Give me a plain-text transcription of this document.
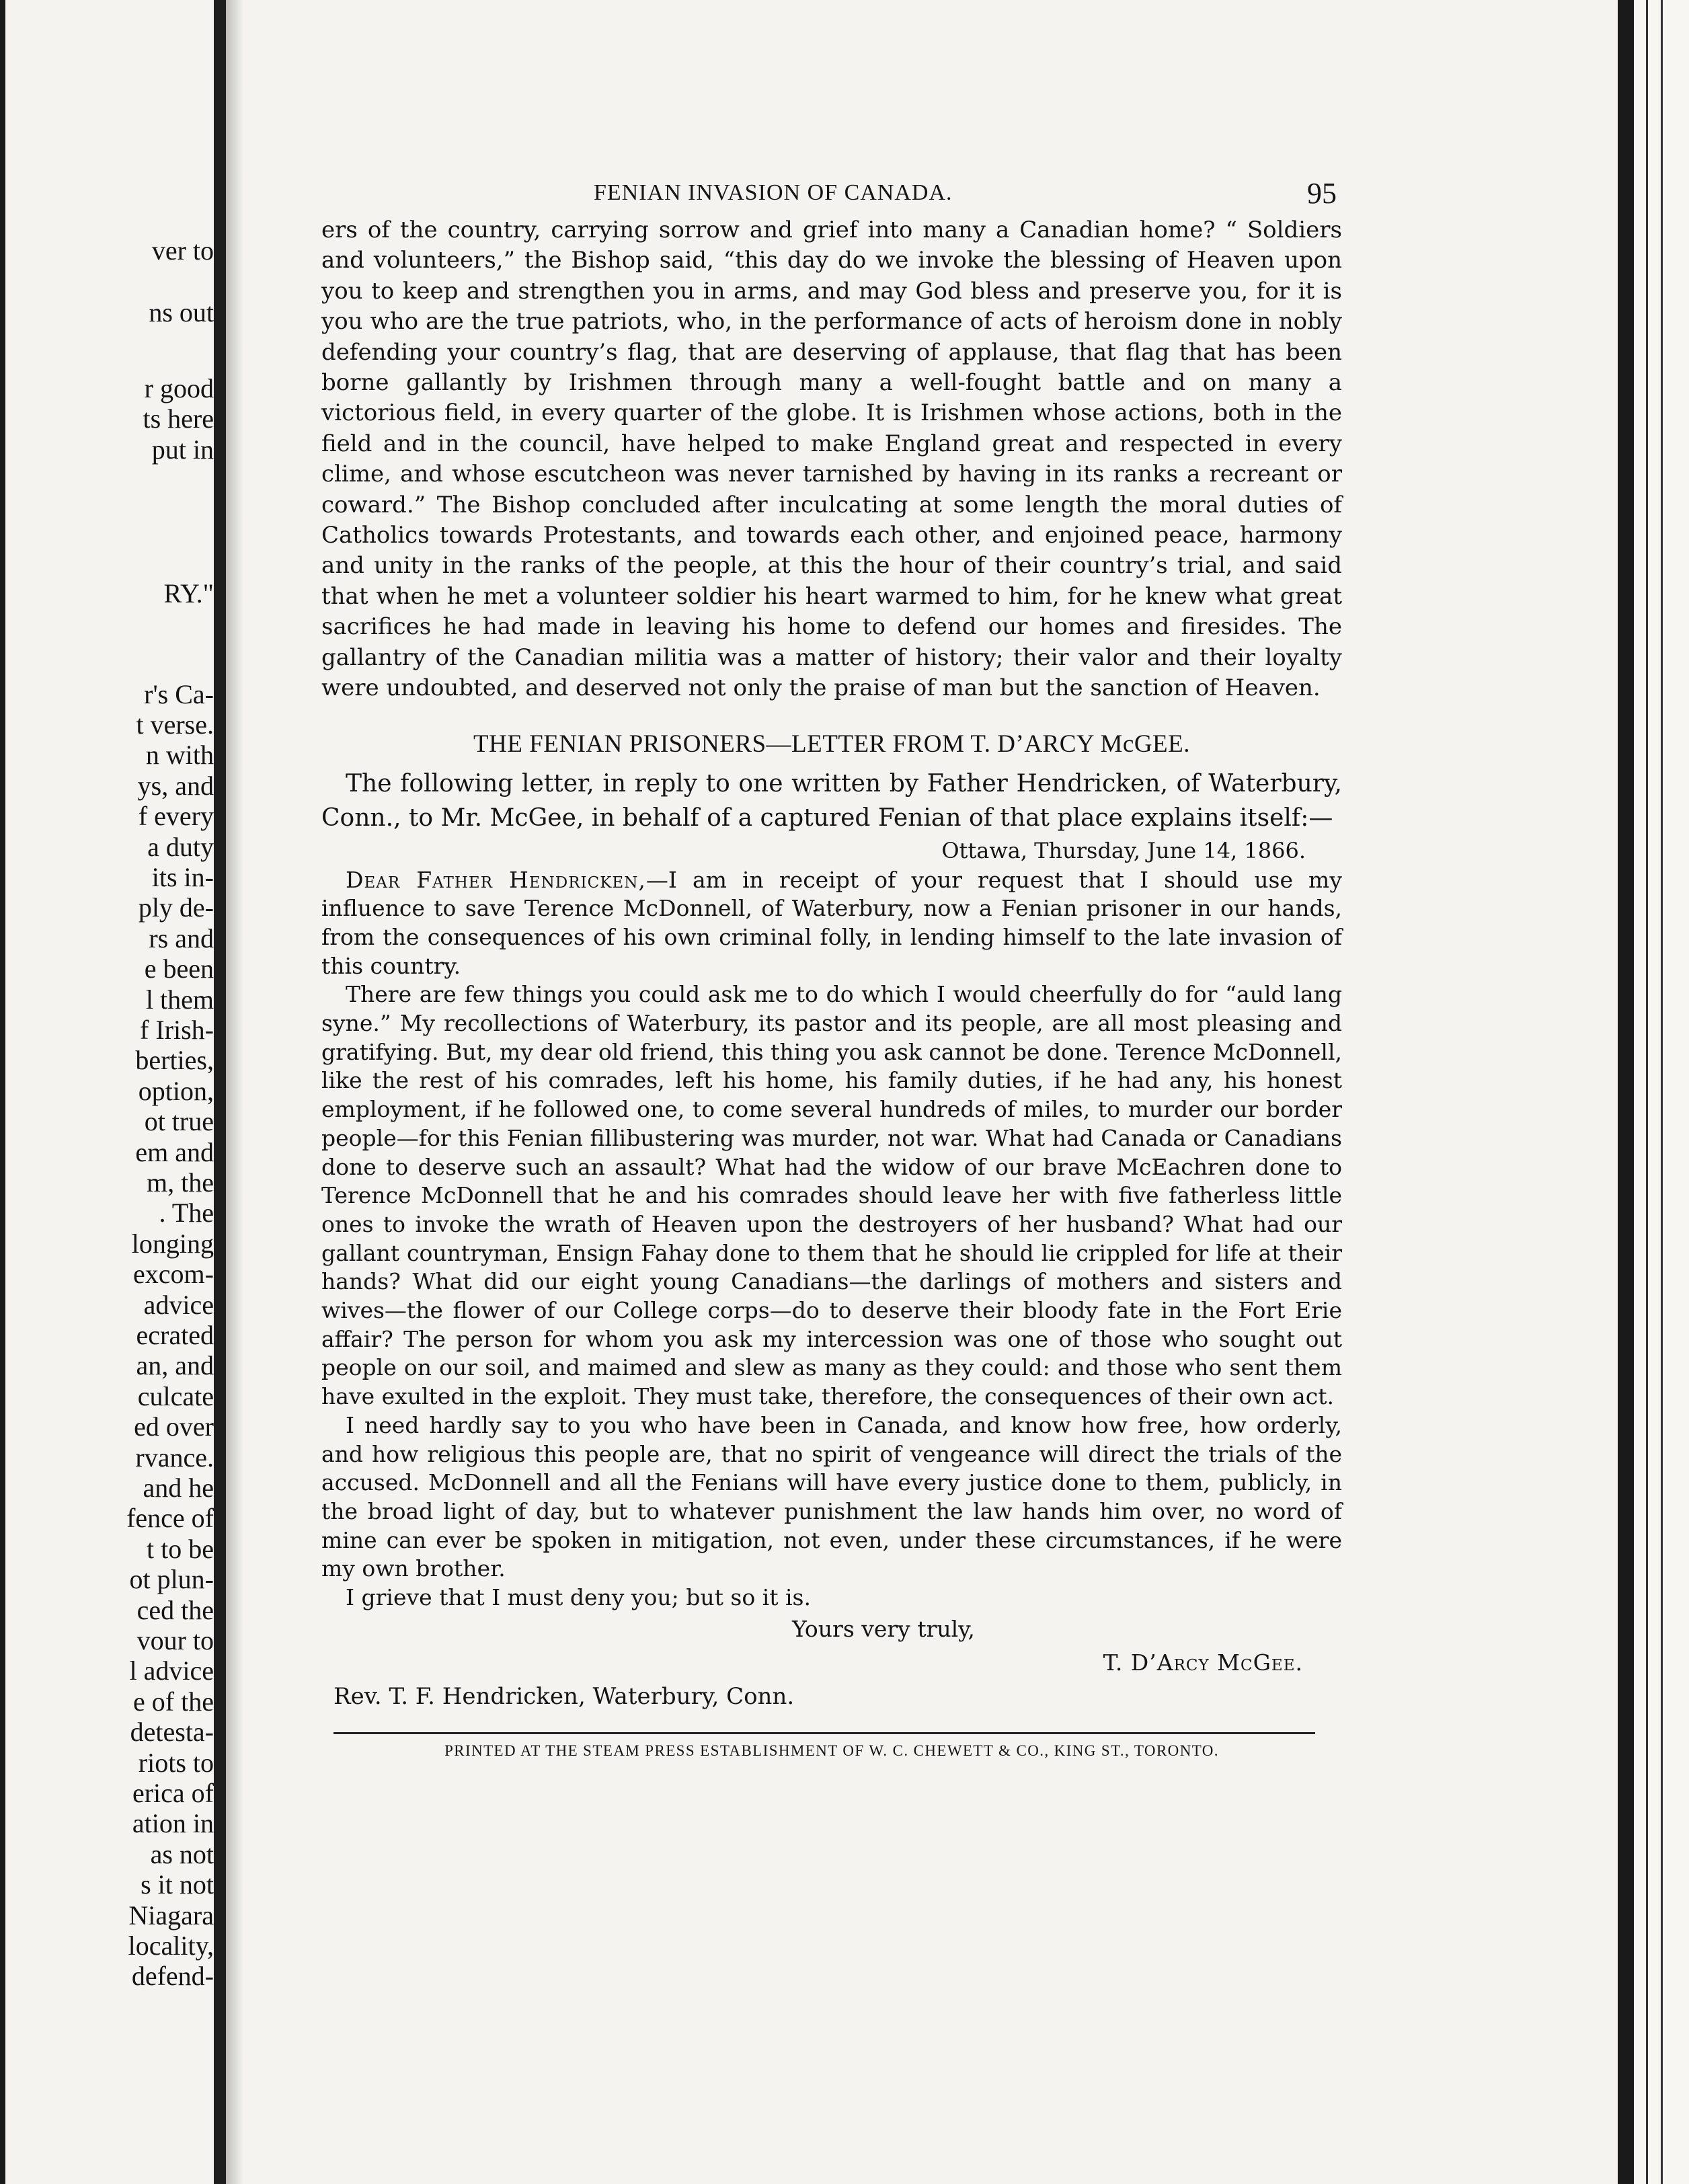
ver to
ns out
r good
ts here
put in
RY."
r's Ca-
t verse.
n with
ys, and
f every
a duty
its in-
ply de-
rs and
e been
l them
f Irish-
berties,
option,
ot true
em and
m, the
. The
longing
excom-
advice
ecrated
an, and
culcate
ed over
rvance.
and he
fence of
t to be
ot plun-
ced the
vour to
l advice
e of the
detesta-
riots to
erica of
ation in
as not
s it not
Niagara
locality,
defend-
FENIAN INVASION OF CANADA.	95

ers of the country, carrying sorrow and grief into many a Canadian home? “ Soldiers and volunteers,” the Bishop said, “this day do we invoke the blessing of Heaven upon you to keep and strengthen you in arms, and may God bless and preserve you, for it is you who are the true patriots, who, in the performance of acts of heroism done in nobly defending your country’s flag, that are deserving of applause, that flag that has been borne gallantly by Irishmen through many a well-fought battle and on many a victorious field, in every quarter of the globe. It is Irishmen whose actions, both in the field and in the council, have helped to make England great and respected in every clime, and whose escutcheon was never tarnished by having in its ranks a recreant or coward.” The Bishop concluded after inculcating at some length the moral duties of Catholics towards Protestants, and towards each other, and enjoined peace, harmony and unity in the ranks of the people, at this the hour of their country’s trial, and said that when he met a volunteer soldier his heart warmed to him, for he knew what great sacrifices he had made in leaving his home to defend our homes and firesides. The gallantry of the Canadian militia was a matter of history; their valor and their loyalty were undoubted, and deserved not only the praise of man but the sanction of Heaven.

THE FENIAN PRISONERS—LETTER FROM T. D’ARCY McGEE.

The following letter, in reply to one written by Father Hendricken, of Waterbury, Conn., to Mr. McGee, in behalf of a captured Fenian of that place explains itself:—

Ottawa, Thursday, June 14, 1866.

Dear Father Hendricken,—I am in receipt of your request that I should use my influence to save Terence McDonnell, of Waterbury, now a Fenian prisoner in our hands, from the consequences of his own criminal folly, in lending himself to the late invasion of this country.

There are few things you could ask me to do which I would cheerfully do for “auld lang syne.” My recollections of Waterbury, its pastor and its people, are all most pleasing and gratifying. But, my dear old friend, this thing you ask cannot be done. Terence McDonnell, like the rest of his comrades, left his home, his family duties, if he had any, his honest employment, if he followed one, to come several hundreds of miles, to murder our border people—for this Fenian fillibustering was murder, not war. What had Canada or Canadians done to deserve such an assault? What had the widow of our brave McEachren done to Terence McDonnell that he and his comrades should leave her with five fatherless little ones to invoke the wrath of Heaven upon the destroyers of her husband? What had our gallant countryman, Ensign Fahay done to them that he should lie crippled for life at their hands? What did our eight young Canadians—the darlings of mothers and sisters and wives—the flower of our College corps—do to deserve their bloody fate in the Fort Erie affair? The person for whom you ask my intercession was one of those who sought out people on our soil, and maimed and slew as many as they could: and those who sent them have exulted in the exploit. They must take, therefore, the consequences of their own act.

I need hardly say to you who have been in Canada, and know how free, how orderly, and how religious this people are, that no spirit of vengeance will direct the trials of the accused. McDonnell and all the Fenians will have every justice done to them, publicly, in the broad light of day, but to whatever punishment the law hands him over, no word of mine can ever be spoken in mitigation, not even, under these circumstances, if he were my own brother.

I grieve that I must deny you; but so it is.

Yours very truly,

T. D’Arcy McGee.

Rev. T. F. Hendricken, Waterbury, Conn.

PRINTED AT THE STEAM PRESS ESTABLISHMENT OF W. C. CHEWETT & CO., KING ST., TORONTO.
